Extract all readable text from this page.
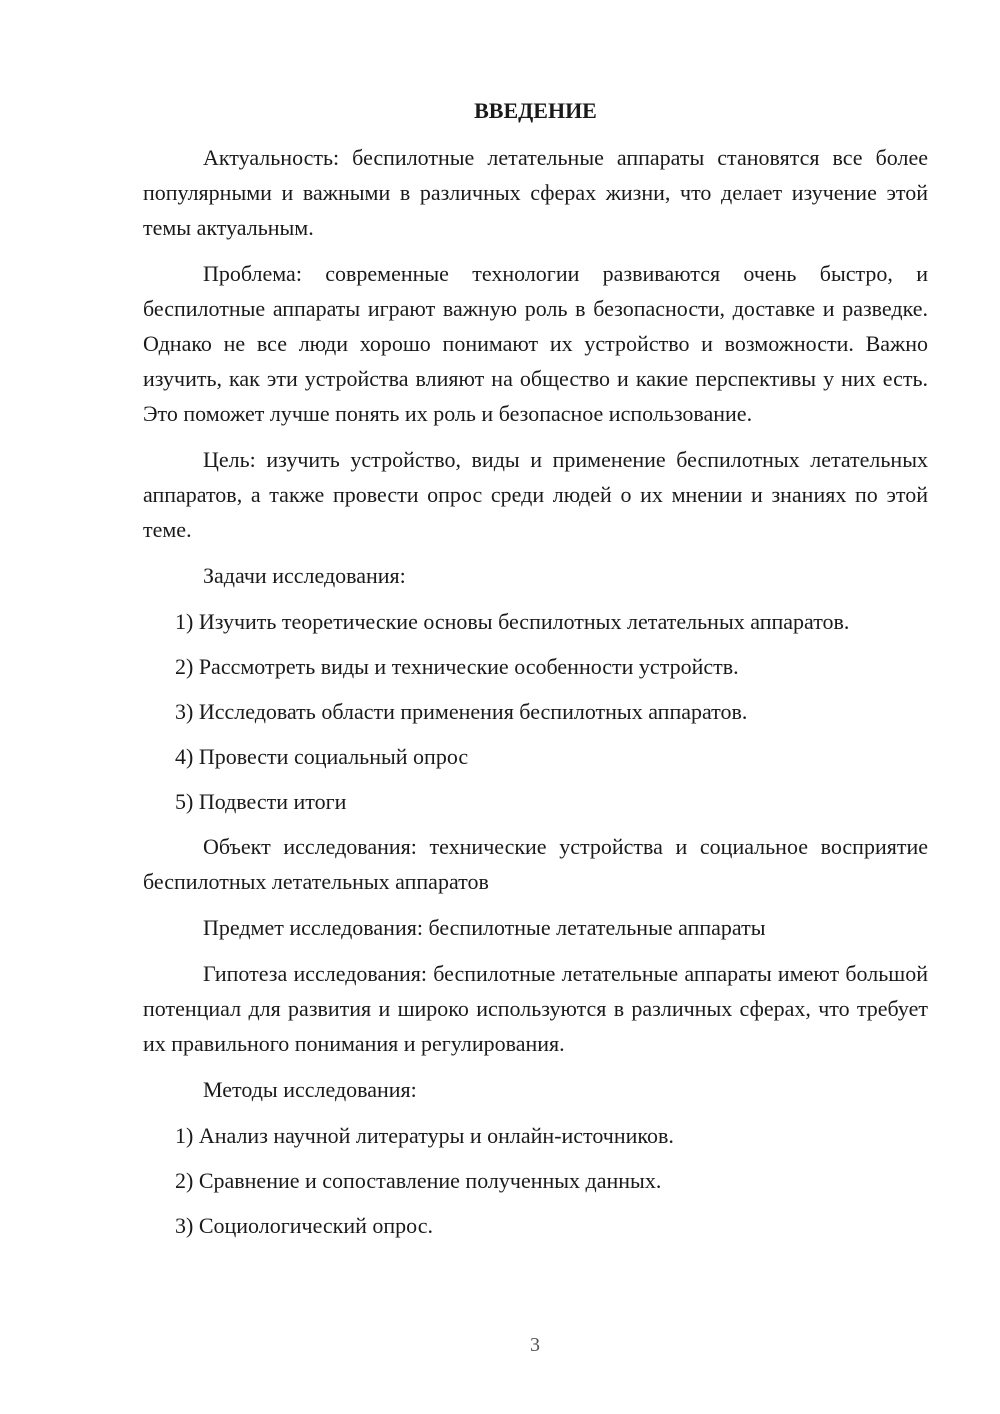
ВВЕДЕНИЕ
Актуальность: беспилотные летательные аппараты становятся все более популярными и важными в различных сферах жизни, что делает изучение этой темы актуальным.
Проблема: современные технологии развиваются очень быстро, и беспилотные аппараты играют важную роль в безопасности, доставке и разведке. Однако не все люди хорошо понимают их устройство и возможности. Важно изучить, как эти устройства влияют на общество и какие перспективы у них есть. Это поможет лучше понять их роль и безопасное использование.
Цель: изучить устройство, виды и применение беспилотных летательных аппаратов, а также провести опрос среди людей о их мнении и знаниях по этой теме.
Задачи исследования:
1) Изучить теоретические основы беспилотных летательных аппаратов.
2) Рассмотреть виды и технические особенности устройств.
3) Исследовать области применения беспилотных аппаратов.
4) Провести социальный опрос
5) Подвести итоги
Объект исследования: технические устройства и социальное восприятие беспилотных летательных аппаратов
Предмет исследования: беспилотные летательные аппараты
Гипотеза исследования: беспилотные летательные аппараты имеют большой потенциал для развития и широко используются в различных сферах, что требует их правильного понимания и регулирования.
Методы исследования:
1) Анализ научной литературы и онлайн-источников.
2) Сравнение и сопоставление полученных данных.
3) Социологический опрос.
3
